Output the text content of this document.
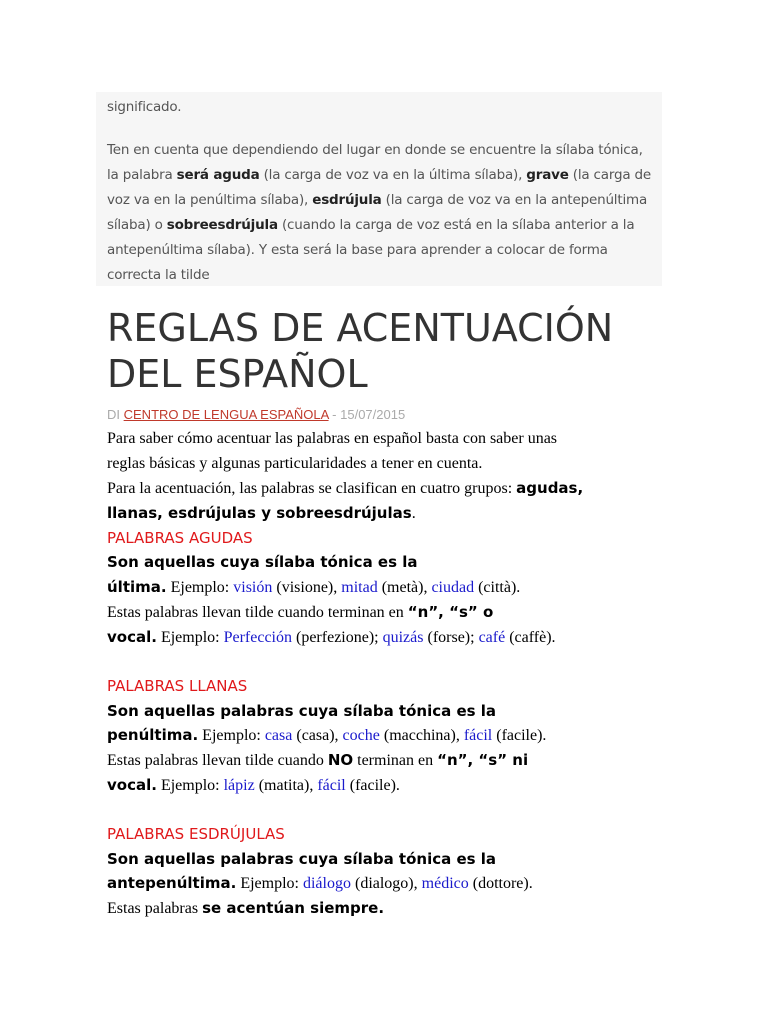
significado.

Ten en cuenta que dependiendo del lugar en donde se encuentre la sílaba tónica,
la palabra será aguda (la carga de voz va en la última sílaba), grave (la carga de
voz va en la penúltima sílaba), esdrújula (la carga de voz va en la antepenúltima
sílaba) o sobreesdrújula (cuando la carga de voz está en la sílaba anterior a la
antepenúltima sílaba). Y esta será la base para aprender a colocar de forma
correcta la tilde

REGLAS DE ACENTUACIÓN DEL ESPAÑOL
DI CENTRO DE LENGUA ESPAÑOLA - 15/07/2015
Para saber cómo acentuar las palabras en español basta con saber unas
reglas básicas y algunas particularidades a tener en cuenta.
Para la acentuación, las palabras se clasifican en cuatro grupos: agudas,
llanas, esdrújulas y sobreesdrújulas.
PALABRAS AGUDAS
Son aquellas cuya sílaba tónica es la
última. Ejemplo: visión (visione), mitad (metà), ciudad (città).
Estas palabras llevan tilde cuando terminan en “n”, “s” o
vocal. Ejemplo: Perfección (perfezione); quizás (forse); café (caffè).
PALABRAS LLANAS
Son aquellas palabras cuya sílaba tónica es la
penúltima. Ejemplo: casa (casa), coche (macchina), fácil (facile).
Estas palabras llevan tilde cuando NO terminan en “n”, “s” ni
vocal. Ejemplo: lápiz (matita), fácil (facile).
PALABRAS ESDRÚJULAS
Son aquellas palabras cuya sílaba tónica es la
antepenúltima. Ejemplo: diálogo (dialogo), médico (dottore).
Estas palabras se acentúan siempre.
